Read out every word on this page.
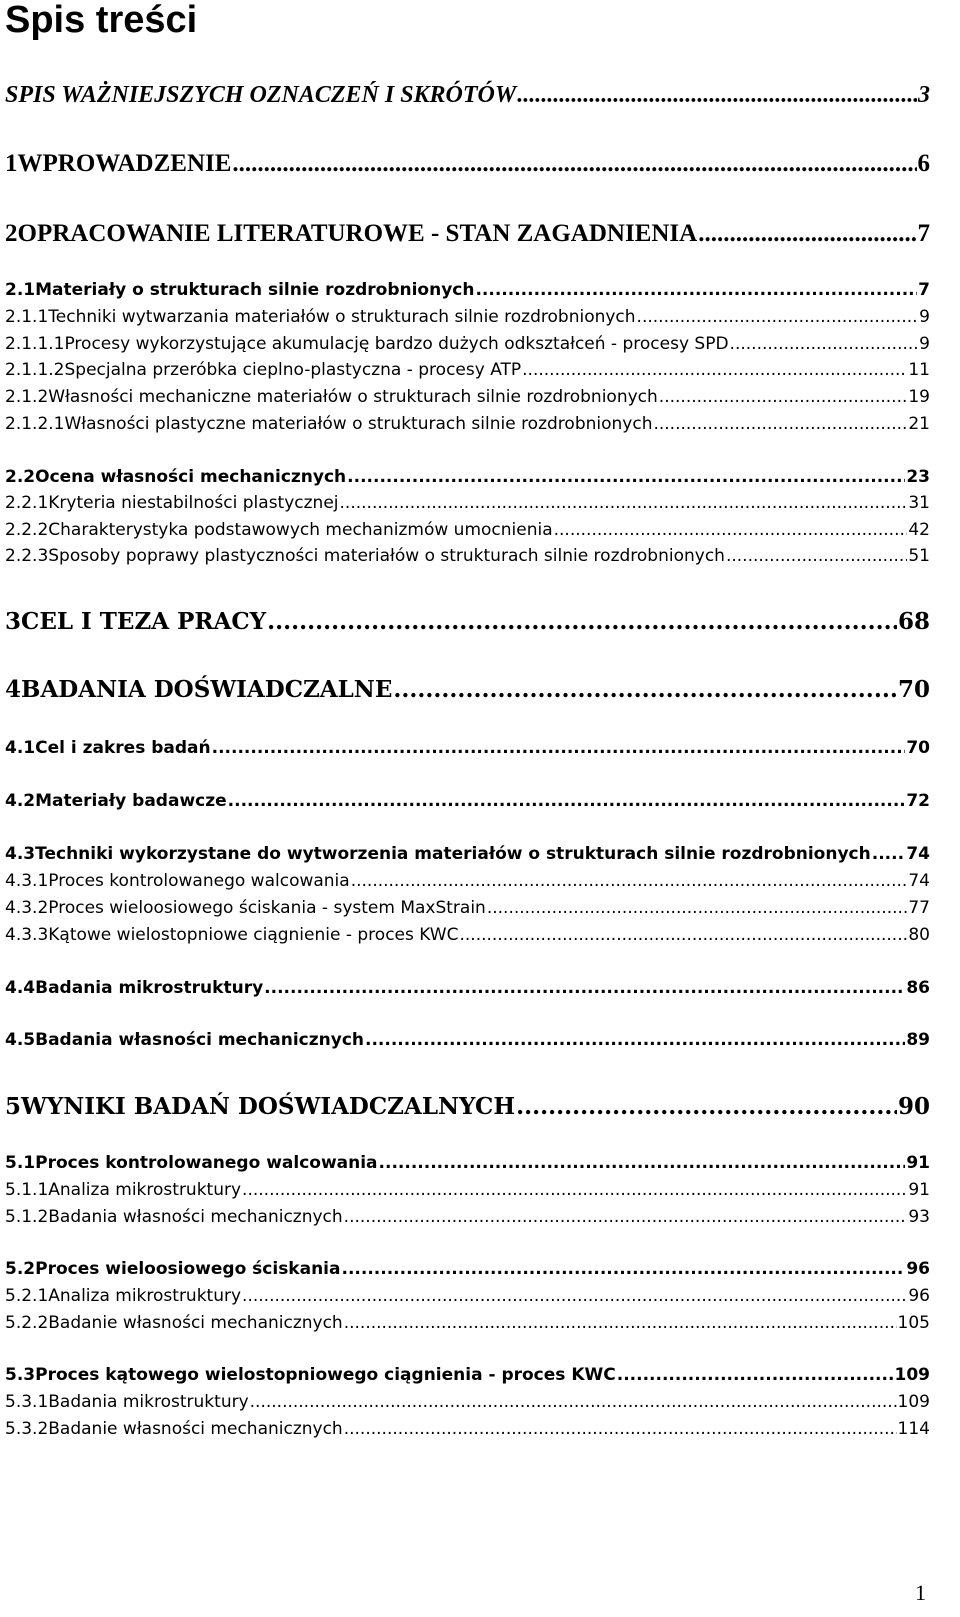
Spis treści
SPIS WAŻNIEJSZYCH OZNACZEŃ I SKRÓTÓW .....	3
1 WPROWADZENIE .....	6
2 OPRACOWANIE LITERATUROWE - STAN ZAGADNIENIA .....	7
2.1 Materiały o strukturach silnie rozdrobnionych .....	7
2.1.1 Techniki wytwarzania materiałów o strukturach silnie rozdrobnionych .....	9
2.1.1.1 Procesy wykorzystujące akumulację bardzo dużych odkształceń - procesy SPD .....	9
2.1.1.2 Specjalna przeróbka cieplno-plastyczna - procesy ATP .....	11
2.1.2 Własności mechaniczne materiałów o strukturach silnie rozdrobnionych .....	19
2.1.2.1 Własności plastyczne materiałów o strukturach silnie rozdrobnionych .....	21
2.2 Ocena własności mechanicznych .....	23
2.2.1 Kryteria niestabilności plastycznej .....	31
2.2.2 Charakterystyka podstawowych mechanizmów umocnienia .....	42
2.2.3 Sposoby poprawy plastyczności materiałów o strukturach silnie rozdrobnionych .....	51
3 CEL I TEZA PRACY .....	68
4 BADANIA DOŚWIADCZALNE .....	70
4.1 Cel i zakres badań .....	70
4.2 Materiały badawcze .....	72
4.3 Techniki wykorzystane do wytworzenia materiałów o strukturach silnie rozdrobnionych ..... 74
4.3.1 Proces kontrolowanego walcowania .....	74
4.3.2 Proces wieloosiowego ściskania - system MaxStrain .....	77
4.3.3 Kątowe wielostopniowe ciągnienie - proces KWC .....	80
4.4 Badania mikrostruktury .....	86
4.5 Badania własności mechanicznych .....	89
5 WYNIKI BADAŃ DOŚWIADCZALNYCH .....	90
5.1 Proces kontrolowanego walcowania .....	91
5.1.1 Analiza mikrostruktury .....	91
5.1.2 Badania własności mechanicznych .....	93
5.2 Proces wieloosiowego ściskania .....	96
5.2.1 Analiza mikrostruktury .....	96
5.2.2 Badanie własności mechanicznych .....	105
5.3 Proces kątowego wielostopniowego ciągnienia - proces KWC .....	109
5.3.1 Badania mikrostruktury .....	109
5.3.2 Badanie własności mechanicznych .....	114
1
